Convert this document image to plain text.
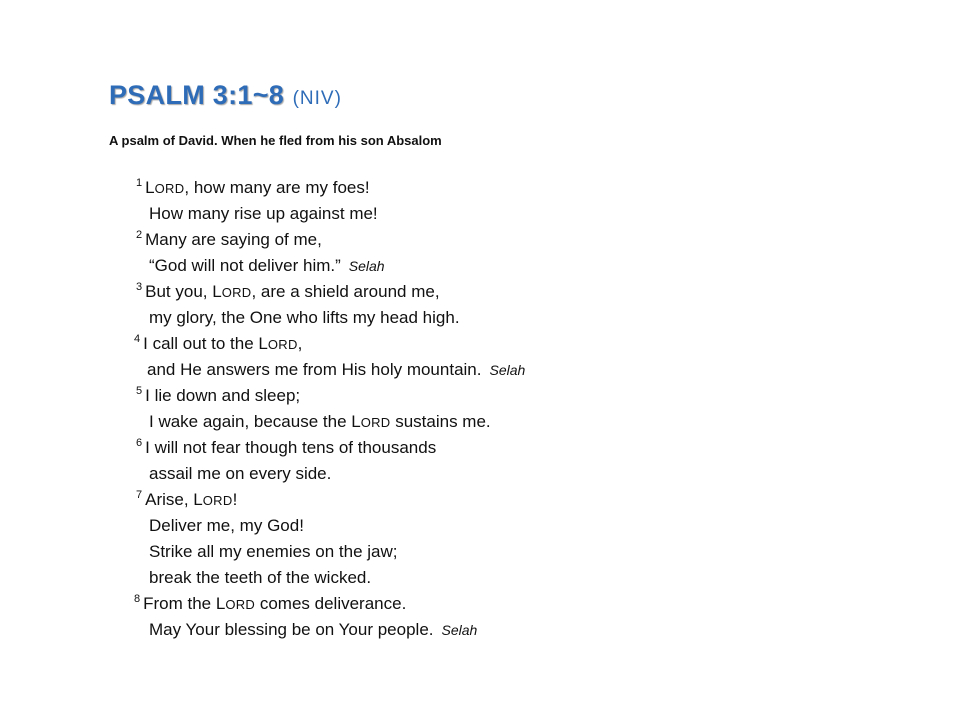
PSALM 3:1~8 (NIV)
A psalm of David. When he fled from his son Absalom
$^1$ LORD, how many are my foes!
How many rise up against me!
$^2$ Many are saying of me,
“God will not deliver him.” Selah
$^3$ But you, LORD, are a shield around me,
my glory, the One who lifts my head high.
$^4$ I call out to the LORD,
and He answers me from His holy mountain. Selah
$^5$ I lie down and sleep;
I wake again, because the LORD sustains me.
$^6$ I will not fear though tens of thousands
assail me on every side.
$^7$ Arise, LORD!
Deliver me, my God!
Strike all my enemies on the jaw;
break the teeth of the wicked.
$^8$ From the LORD comes deliverance.
May Your blessing be on Your people. Selah
